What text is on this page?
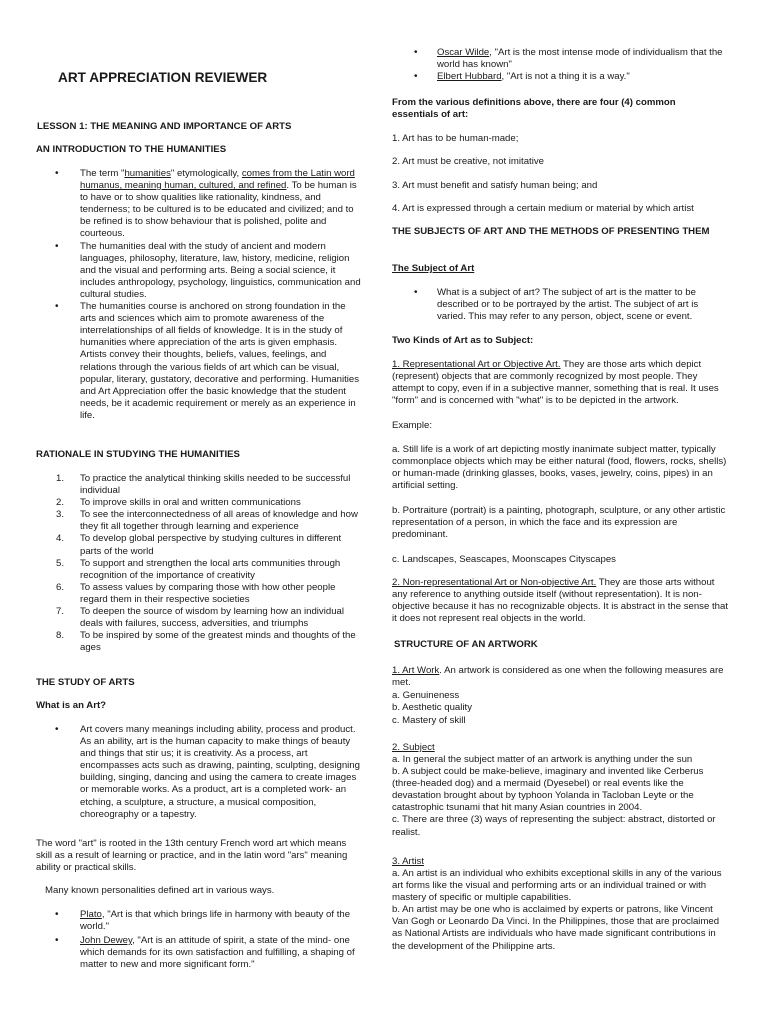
ART APPRECIATION REVIEWER

LESSON 1: THE MEANING AND IMPORTANCE OF ARTS

AN INTRODUCTION TO THE HUMANITIES

• The term "humanities" etymologically, comes from the Latin word humanus, meaning human, cultured, and refined. To be human is to have or to show qualities like rationality, kindness, and tenderness; to be cultured is to be educated and civilized; and to be refined is to show behaviour that is polished, polite and courteous.
• The humanities deal with the study of ancient and modern languages, philosophy, literature, law, history, medicine, religion and the visual and performing arts. Being a social science, it includes anthropology, psychology, linguistics, communication and cultural studies.
• The humanities course is anchored on strong foundation in the arts and sciences which aim to promote awareness of the interrelationships of all fields of knowledge. It is in the study of humanities where appreciation of the arts is given emphasis. Artists convey their thoughts, beliefs, values, feelings, and relations through the various fields of art which can be visual, popular, literary, gustatory, decorative and performing. Humanities and Art Appreciation offer the basic knowledge that the student needs, be it academic requirement or merely as an experience in life.

RATIONALE IN STUDYING THE HUMANITIES

1. To practice the analytical thinking skills needed to be successful individual
2. To improve skills in oral and written communications
3. To see the interconnectedness of all areas of knowledge and how they fit all together through learning and experience
4. To develop global perspective by studying cultures in different parts of the world
5. To support and strengthen the local arts communities through recognition of the importance of creativity
6. To assess values by comparing those with how other people regard them in their respective societies
7. To deepen the source of wisdom by learning how an individual deals with failures, success, adversities, and triumphs
8. To be inspired by some of the greatest minds and thoughts of the ages

THE STUDY OF ARTS

What is an Art?

• Art covers many meanings including ability, process and product. As an ability, art is the human capacity to make things of beauty and things that stir us; it is creativity. As a process, art encompasses acts such as drawing, painting, sculpting, designing building, singing, dancing and using the camera to create images or memorable works. As a product, art is a completed work- an etching, a sculpture, a structure, a musical composition, choreography or a tapestry.

The word "art" is rooted in the 13th century French word art which means skill as a result of learning or practice, and in the latin word "ars" meaning ability or practical skills.

Many known personalities defined art in various ways.

• Plato, "Art is that which brings life in harmony with beauty of the world."
• John Dewey, "Art is an attitude of spirit, a state of the mind- one which demands for its own satisfaction and fulfilling, a shaping of matter to new and more significant form."
• Oscar Wilde, "Art is the most intense mode of individualism that the world has known"
• Elbert Hubbard, "Art is not a thing it is a way."

From the various definitions above, there are four (4) common essentials of art:

1. Art has to be human-made;

2. Art must be creative, not imitative

3. Art must benefit and satisfy human being; and

4. Art is expressed through a certain medium or material by which artist

THE SUBJECTS OF ART AND THE METHODS OF PRESENTING THEM

The Subject of Art

• What is a subject of art? The subject of art is the matter to be described or to be portrayed by the artist. The subject of art is varied. This may refer to any person, object, scene or event.

Two Kinds of Art as to Subject:

1. Representational Art or Objective Art. They are those arts which depict (represent) objects that are commonly recognized by most people. They attempt to copy, even if in a subjective manner, something that is real. It uses "form" and is concerned with "what" is to be depicted in the artwork.

Example:

a. Still life is a work of art depicting mostly inanimate subject matter, typically commonplace objects which may be either natural (food, flowers, rocks, shells) or human-made (drinking glasses, books, vases, jewelry, coins, pipes) in an artificial setting.

b. Portraiture (portrait) is a painting, photograph, sculpture, or any other artistic representation of a person, in which the face and its expression are predominant.

c. Landscapes, Seascapes, Moonscapes Cityscapes

2. Non-representational Art or Non-objective Art. They are those arts without any reference to anything outside itself (without representation). It is non-objective because it has no recognizable objects. It is abstract in the sense that it does not represent real objects in the world.

STRUCTURE OF AN ARTWORK

1. Art Work. An artwork is considered as one when the following measures are met.

a. Genuineness

b. Aesthetic quality

c. Mastery of skill

2. Subject

a. In general the subject matter of an artwork is anything under the sun

b. A subject could be make-believe, imaginary and invented like Cerberus (three-headed dog) and a mermaid (Dyesebel) or real events like the devastation brought about by typhoon Yolanda in Tacloban Leyte or the catastrophic tsunami that hit many Asian countries in 2004.

c. There are three (3) ways of representing the subject: abstract, distorted or realist.

3. Artist

a. An artist is an individual who exhibits exceptional skills in any of the various art forms like the visual and performing arts or an individual trained or with mastery of specific or multiple capabilities.

b. An artist may be one who is acclaimed by experts or patrons, like Vincent Van Gogh or Leonardo Da Vinci. In the Philippines, those that are proclaimed as National Artists are individuals who have made significant contributions in the development of the Philippine arts.
